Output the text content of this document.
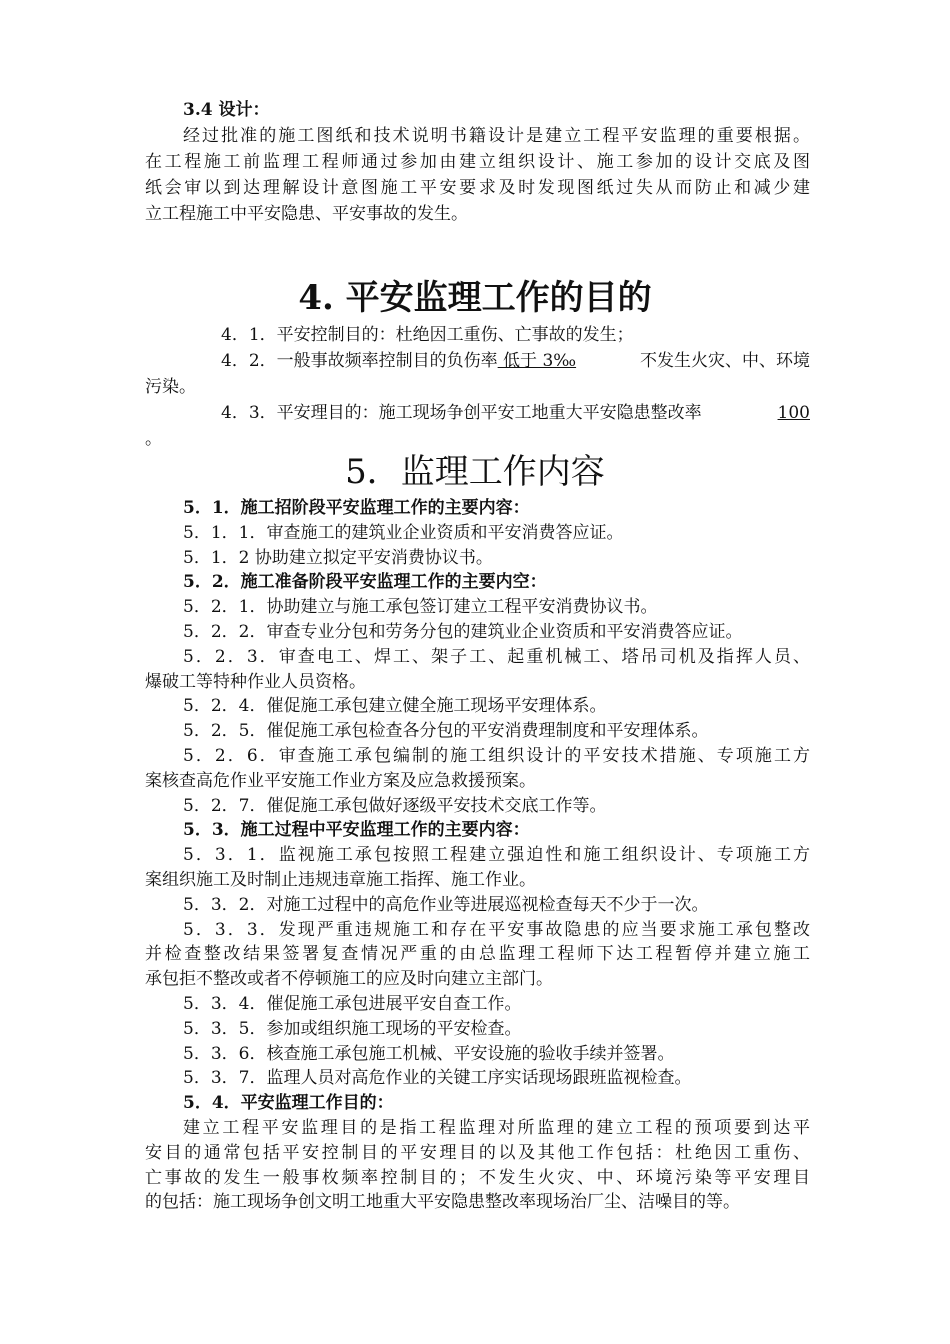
3.4 设计：
经过批准的施工图纸和技术说明书籍设计是建立工程平安监理的重要根据。
在工程施工前监理工程师通过参加由建立组织设计、施工参加的设计交底及图
纸会审以到达理解设计意图施工平安要求及时发现图纸过失从而防止和减少建
立工程施工中平安隐患、平安事故的发生。
4. 平安监理工作的目的
4．1．平安控制目的：杜绝因工重伤、亡事故的发生；
4．2．一般事故频率控制目的负伤率 低于 3‰	不发生火灾、中、环境
污染。
4．3．平安理目的：施工现场争创平安工地重大平安隐患整改率	100
。
5．监理工作内容
5．1．施工招阶段平安监理工作的主要内容：
5．1．1．审查施工的建筑业企业资质和平安消费答应证。
5．1．2 协助建立拟定平安消费协议书。
5．2．施工准备阶段平安监理工作的主要内空：
5．2．1．协助建立与施工承包签订建立工程平安消费协议书。
5．2．2．审查专业分包和劳务分包的建筑业企业资质和平安消费答应证。
5．2．3．审查电工、焊工、架子工、起重机械工、塔吊司机及指挥人员、
爆破工等特种作业人员资格。
5．2．4．催促施工承包建立健全施工现场平安理体系。
5．2．5．催促施工承包检查各分包的平安消费理制度和平安理体系。
5．2．6．审查施工承包编制的施工组织设计的平安技术措施、专项施工方
案核查高危作业平安施工作业方案及应急救援预案。
5．2．7．催促施工承包做好逐级平安技术交底工作等。
5．3．施工过程中平安监理工作的主要内容：
5．3．1．监视施工承包按照工程建立强迫性和施工组织设计、专项施工方
案组织施工及时制止违规违章施工指挥、施工作业。
5．3．2．对施工过程中的高危作业等进展巡视检查每天不少于一次。
5．3．3．发现严重违规施工和存在平安事故隐患的应当要求施工承包整改
并检查整改结果签署复查情况严重的由总监理工程师下达工程暂停并建立施工
承包拒不整改或者不停顿施工的应及时向建立主部门。
5．3．4．催促施工承包进展平安自查工作。
5．3．5．参加或组织施工现场的平安检查。
5．3．6．核查施工承包施工机械、平安设施的验收手续并签署。
5．3．7．监理人员对高危作业的关键工序实话现场跟班监视检查。
5．4．平安监理工作目的：
建立工程平安监理目的是指工程监理对所监理的建立工程的预项要到达平
安目的通常包括平安控制目的平安理目的以及其他工作包括：杜绝因工重伤、
亡事故的发生一般事枚频率控制目的；不发生火灾、中、环境污染等平安理目
的包括：施工现场争创文明工地重大平安隐患整改率现场治厂尘、洁噪目的等。
